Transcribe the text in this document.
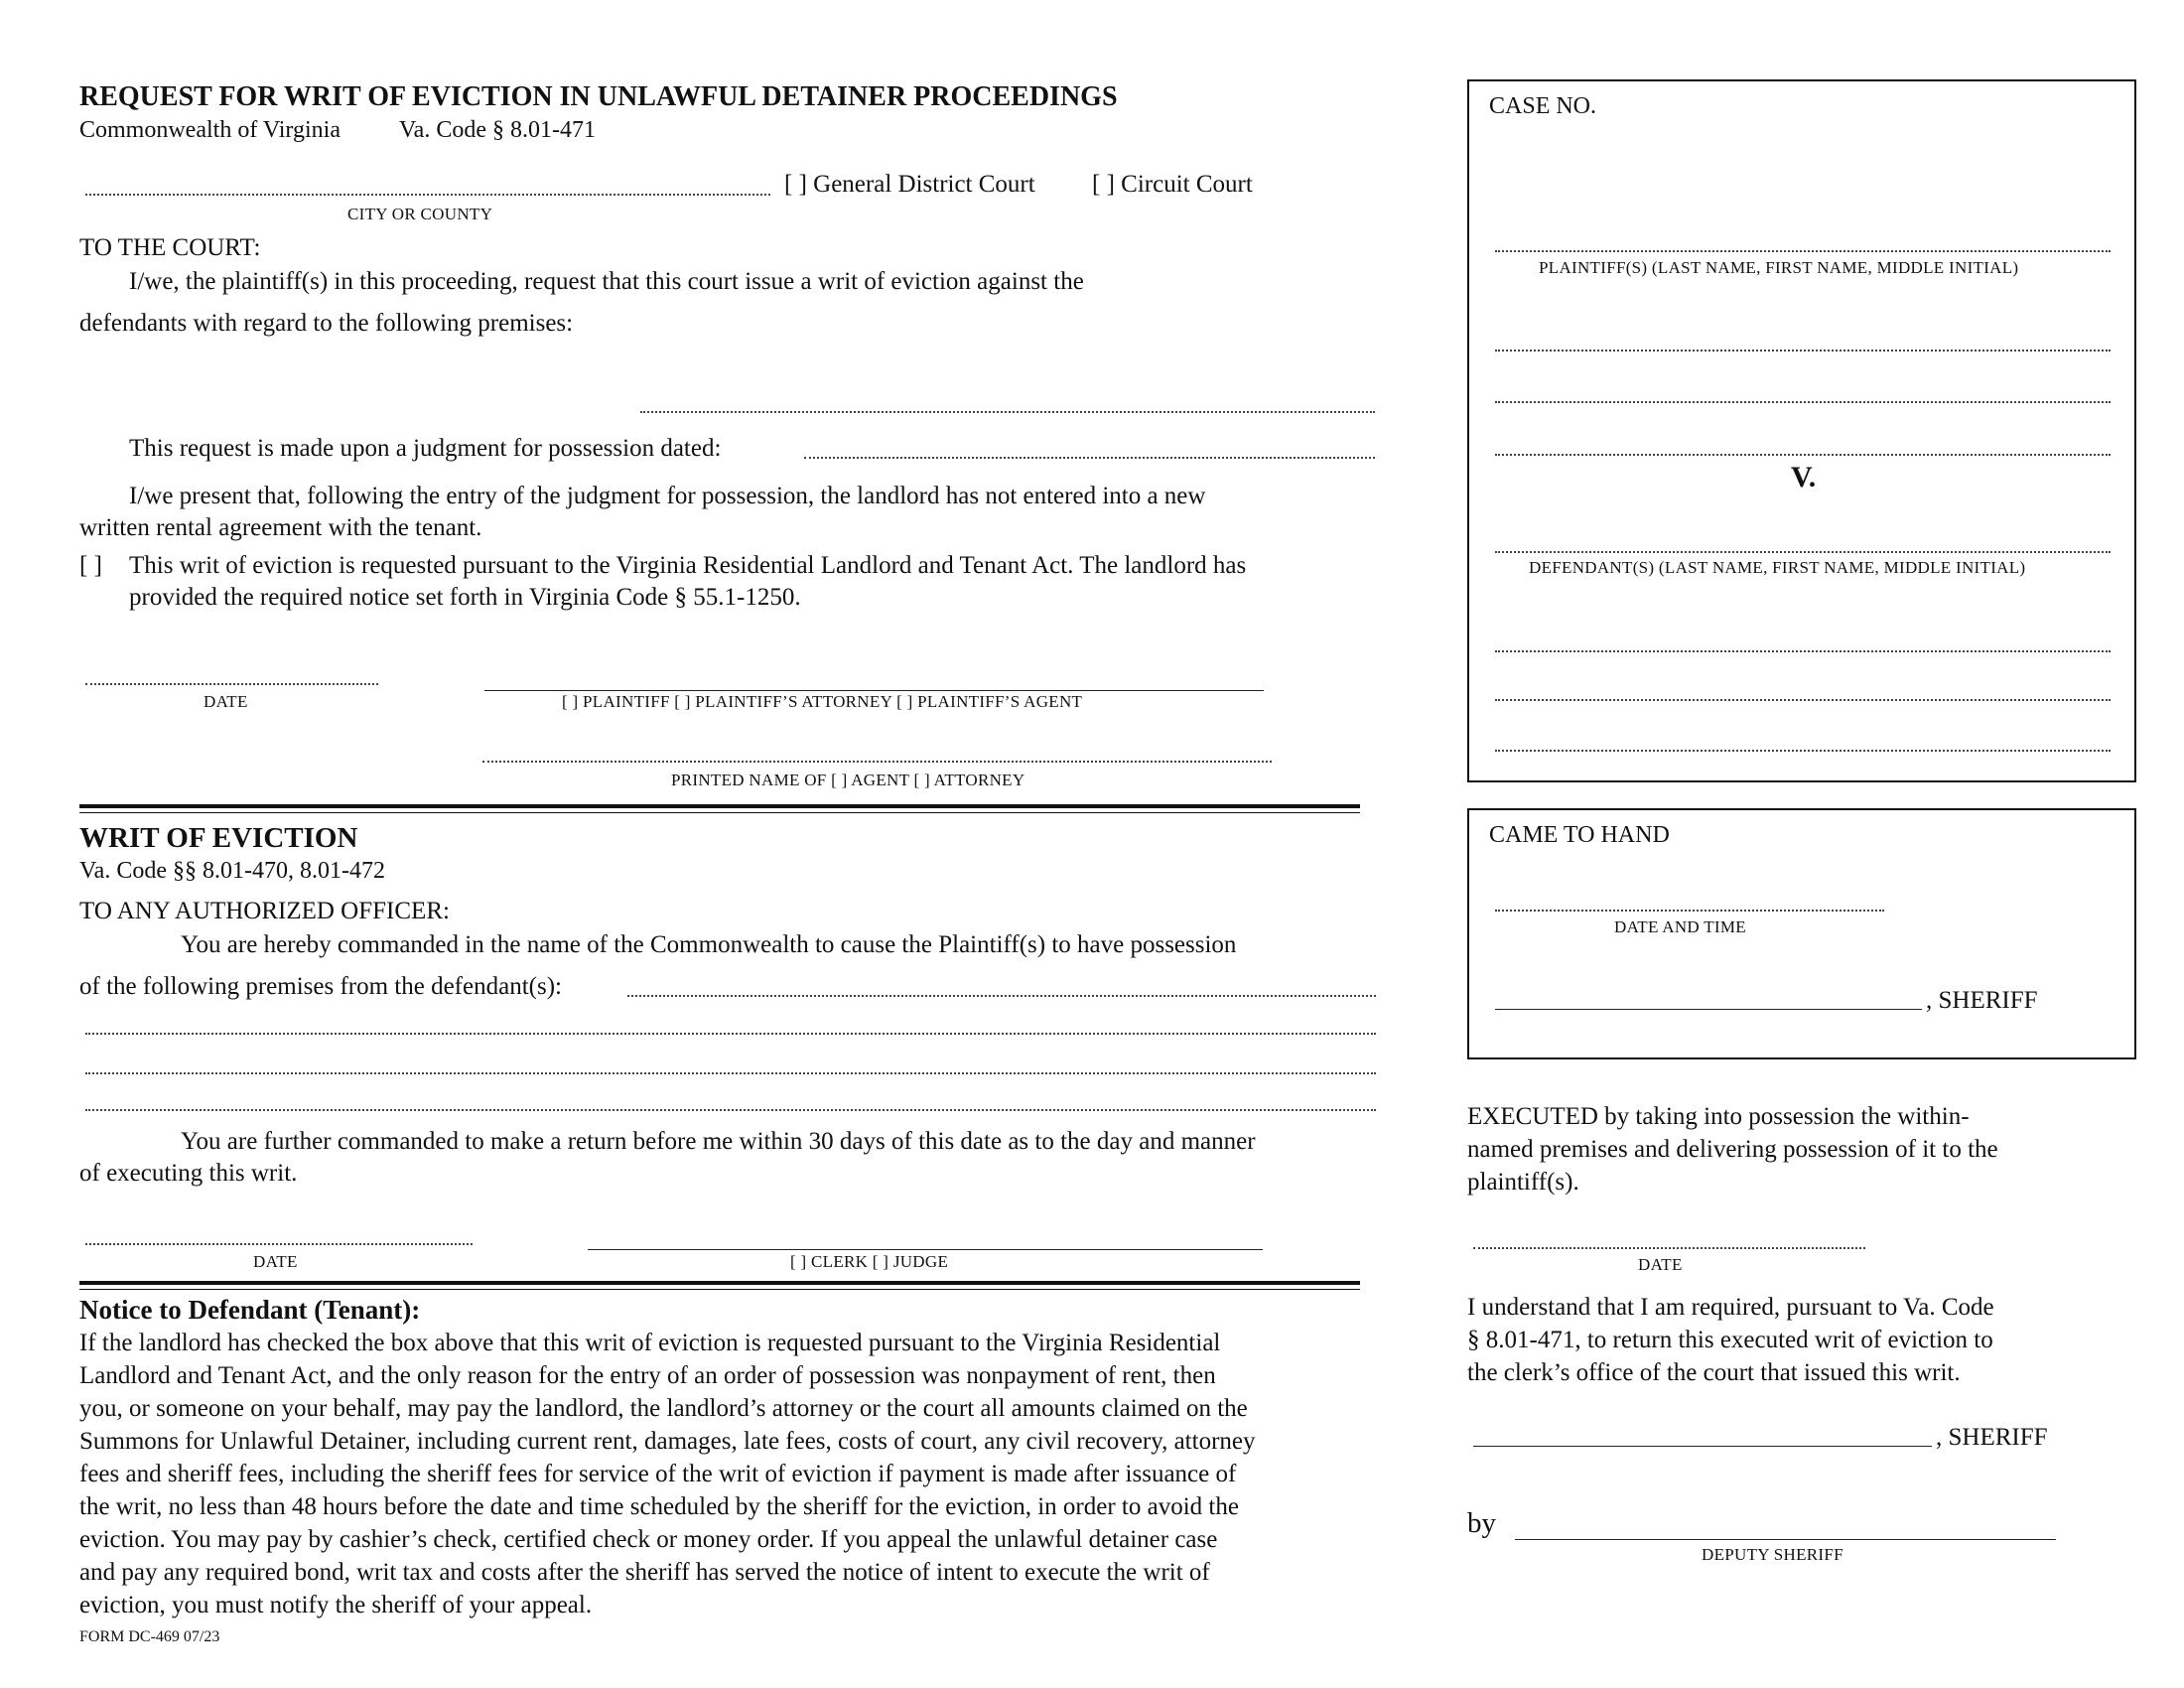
REQUEST FOR WRIT OF EVICTION IN UNLAWFUL DETAINER PROCEEDINGS
Commonwealth of Virginia Va. Code § 8.01-471
[ ] General District Court [ ] Circuit Court
CITY OR COUNTY
TO THE COURT:
I/we, the plaintiff(s) in this proceeding, request that this court issue a writ of eviction against the
defendants with regard to the following premises:
This request is made upon a judgment for possession dated:
I/we present that, following the entry of the judgment for possession, the landlord has not entered into a new
written rental agreement with the tenant.
[ ] This writ of eviction is requested pursuant to the Virginia Residential Landlord and Tenant Act. The landlord has
provided the required notice set forth in Virginia Code § 55.1-1250.
DATE	[ ] PLAINTIFF [ ] PLAINTIFF’S ATTORNEY [ ] PLAINTIFF’S AGENT
PRINTED NAME OF [ ] AGENT [ ] ATTORNEY
WRIT OF EVICTION
Va. Code §§ 8.01-470, 8.01-472
TO ANY AUTHORIZED OFFICER:
You are hereby commanded in the name of the Commonwealth to cause the Plaintiff(s) to have possession
of the following premises from the defendant(s):
You are further commanded to make a return before me within 30 days of this date as to the day and manner
of executing this writ.
DATE	[ ] CLERK [ ] JUDGE
Notice to Defendant (Tenant):
If the landlord has checked the box above that this writ of eviction is requested pursuant to the Virginia Residential
Landlord and Tenant Act, and the only reason for the entry of an order of possession was nonpayment of rent, then
you, or someone on your behalf, may pay the landlord, the landlord’s attorney or the court all amounts claimed on the
Summons for Unlawful Detainer, including current rent, damages, late fees, costs of court, any civil recovery, attorney
fees and sheriff fees, including the sheriff fees for service of the writ of eviction if payment is made after issuance of
the writ, no less than 48 hours before the date and time scheduled by the sheriff for the eviction, in order to avoid the
eviction. You may pay by cashier’s check, certified check or money order. If you appeal the unlawful detainer case
and pay any required bond, writ tax and costs after the sheriff has served the notice of intent to execute the writ of
eviction, you must notify the sheriff of your appeal.
FORM DC-469 07/23
CASE NO.
PLAINTIFF(S) (LAST NAME, FIRST NAME, MIDDLE INITIAL)
V.
DEFENDANT(S) (LAST NAME, FIRST NAME, MIDDLE INITIAL)
CAME TO HAND
DATE AND TIME
, SHERIFF
EXECUTED by taking into possession the within-
named premises and delivering possession of it to the
plaintiff(s).
DATE
I understand that I am required, pursuant to Va. Code
§ 8.01-471, to return this executed writ of eviction to
the clerk’s office of the court that issued this writ.
, SHERIFF
by
DEPUTY SHERIFF
